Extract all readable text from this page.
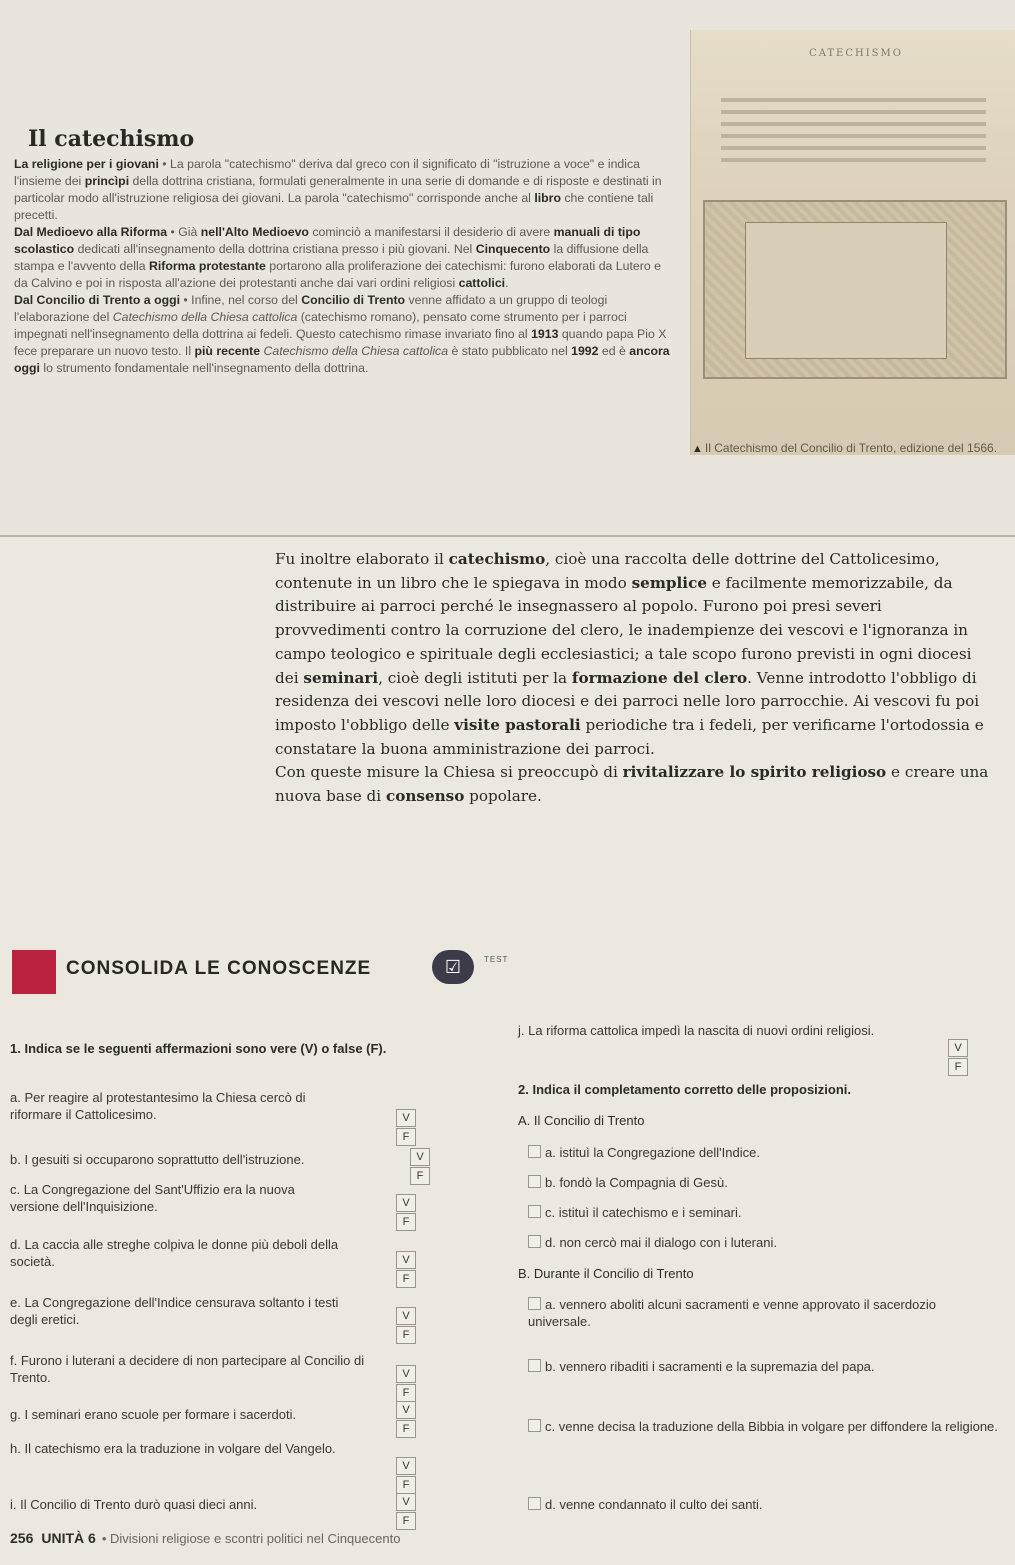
Il catechismo

La religione per i giovani • La parola "catechismo" deriva dal greco con il significato di "istruzione a voce" e indica l'insieme dei princìpi della dottrina cristiana, formulati generalmente in una serie di domande e di risposte e destinati in particolar modo all'istruzione religiosa dei giovani. La parola "catechismo" corrisponde anche al libro che contiene tali precetti.

Dal Medioevo alla Riforma • Già nell'Alto Medioevo cominciò a manifestarsi il desiderio di avere manuali di tipo scolastico dedicati all'insegnamento della dottrina cristiana presso i più giovani. Nel Cinquecento la diffusione della stampa e l'avvento della Riforma protestante portarono alla proliferazione dei catechismi: furono elaborati da Lutero e da Calvino e poi in risposta all'azione dei protestanti anche dai vari ordini religiosi cattolici.

Dal Concilio di Trento a oggi • Infine, nel corso del Concilio di Trento venne affidato a un gruppo di teologi l'elaborazione del Catechismo della Chiesa cattolica (catechismo romano), pensato come strumento per i parroci impegnati nell'insegnamento della dottrina ai fedeli. Questo catechismo rimase invariato fino al 1913 quando papa Pio X fece preparare un nuovo testo. Il più recente Catechismo della Chiesa cattolica è stato pubblicato nel 1992 ed è ancora oggi lo strumento fondamentale nell'insegnamento della dottrina.

CATECHISMO
▲ Il Catechismo del Concilio di Trento, edizione del 1566.

Fu inoltre elaborato il catechismo, cioè una raccolta delle dottrine del Cattolicesimo, contenute in un libro che le spiegava in modo semplice e facilmente memorizzabile, da distribuire ai parroci perché le insegnassero al popolo. Furono poi presi severi provvedimenti contro la corruzione del clero, le inadempienze dei vescovi e l'ignoranza in campo teologico e spirituale degli ecclesiastici; a tale scopo furono previsti in ogni diocesi dei seminari, cioè degli istituti per la formazione del clero. Venne introdotto l'obbligo di residenza dei vescovi nelle loro diocesi e dei parroci nelle loro parrocchie. Ai vescovi fu poi imposto l'obbligo delle visite pastorali periodiche tra i fedeli, per verificarne l'ortodossia e constatare la buona amministrazione dei parroci.

Con queste misure la Chiesa si preoccupò di rivitalizzare lo spirito religioso e creare una nuova base di consenso popolare.

CONSOLIDA LE CONOSCENZE	☑	TEST
1. Indica se le seguenti affermazioni sono vere (V) o false (F).
a. Per reagire al protestantesimo la Chiesa cercò di riformare il Cattolicesimo.	VF
b. I gesuiti si occuparono soprattutto dell'istruzione.	VF
c. La Congregazione del Sant'Uffizio era la nuova versione dell'Inquisizione.	VF
d. La caccia alle streghe colpiva le donne più deboli della società.	VF
e. La Congregazione dell'Indice censurava soltanto i testi degli eretici.	VF
f. Furono i luterani a decidere di non partecipare al Concilio di Trento.	VF
g. I seminari erano scuole per formare i sacerdoti.	VF
h. Il catechismo era la traduzione in volgare del Vangelo.
VF
i. Il Concilio di Trento durò quasi dieci anni.	VF
j. La riforma cattolica impedì la nascita di nuovi ordini religiosi.
VF
2. Indica il completamento corretto delle proposizioni.
A. Il Concilio di Trento
a. istituì la Congregazione dell'Indice.
b. fondò la Compagnia di Gesù.
c. istituì il catechismo e i seminari.
d. non cercò mai il dialogo con i luterani.
B. Durante il Concilio di Trento
a. vennero aboliti alcuni sacramenti e venne approvato il sacerdozio universale.
b. vennero ribaditi i sacramenti e la supremazia del papa.
c. venne decisa la traduzione della Bibbia in volgare per diffondere la religione.
d. venne condannato il culto dei santi.
256 UNITÀ 6 • Divisioni religiose e scontri politici nel Cinquecento
